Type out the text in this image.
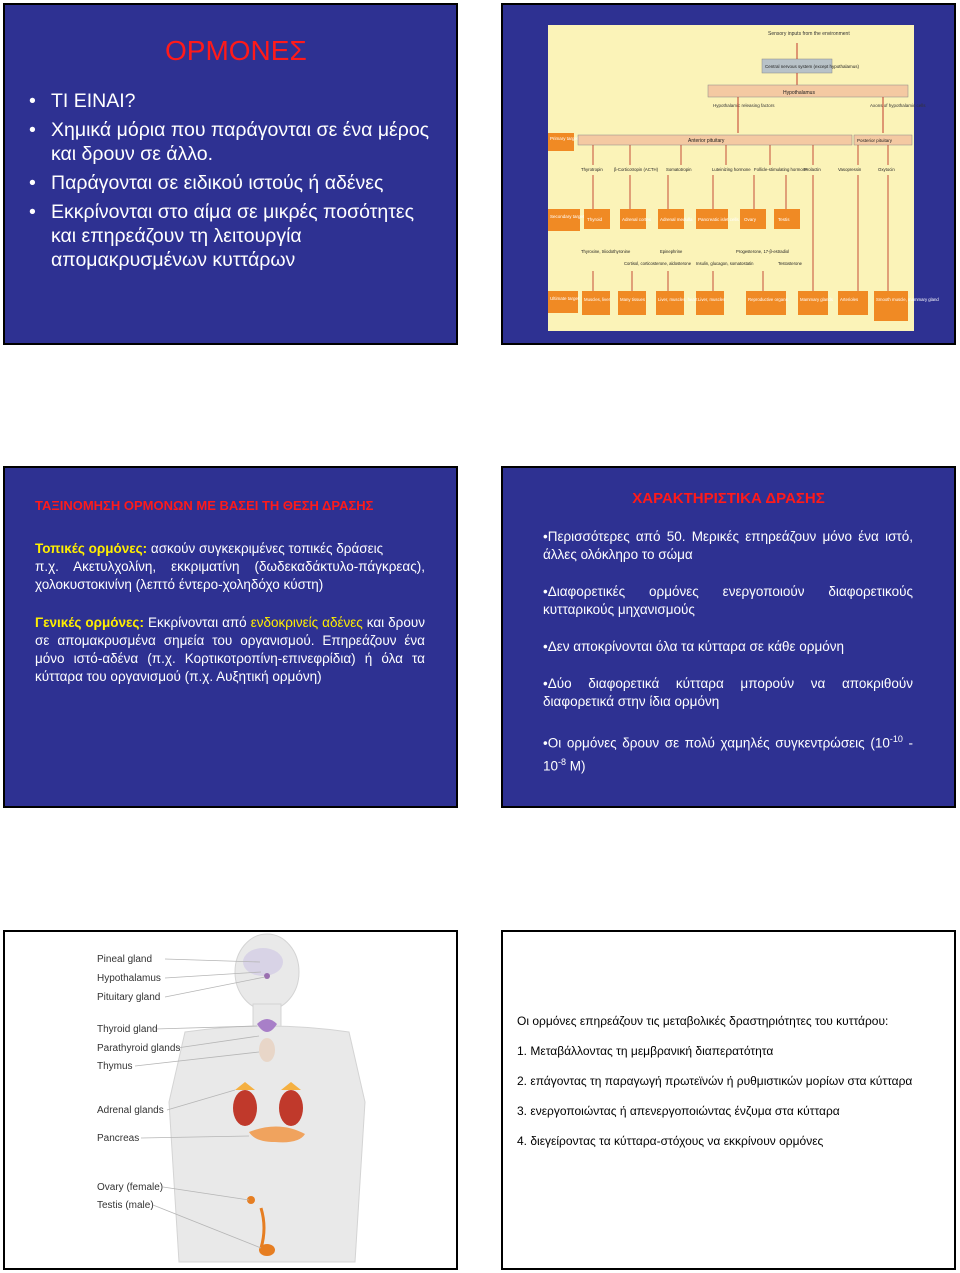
ΟΡΜΟΝΕΣ
• ΤΙ ΕΙΝΑΙ?
• Χημικά μόρια που παράγονται σε ένα μέρος και δρουν σε άλλο.
• Παράγονται σε ειδικού ιστούς ή αδένες
• Εκκρίνονται στο αίμα σε μικρές ποσότητες και επηρεάζουν τη λειτουργία απομακρυσμένων κυττάρων
Sensory inputs from the environment
Central nervous system (except hypothalamus)
Hypothalamus
Hypothalamic releasing factors	Axons of hypothalamic cells
Primary target	Anterior pituitary	Posterior pituitary
Thyrotropin	β-Corticotropin (ACTH) Somatotropin	Luteinizing hormone Follicle-stimulating hormone
Prolactin	Vasopressin	Oxytocin
Secondary target
Thyroid	Adrenal cortex Adrenal medulla Pancreatic islet cells Ovary	Testis
Thyroxine, triiodothyronine
Cortisol, corticosterone, aldosterone
Epinephrine
Insulin, glucagon, somatostatin
Progesterone, 17-β-estradiol
Testosterone
Ultimate target Muscles, liver Many tissues	Liver, muscles, heart Liver, muscles	Reproductive organs	Mammary glands Arterioles	Smooth muscle, mammary gland
ΤΑΞΙΝΟΜΗΣΗ ΟΡΜΟΝΩΝ ΜΕ ΒΑΣΕΙ ΤΗ ΘΕΣΗ ΔΡΑΣΗΣ

Τοπικές ορμόνες: ασκούν συγκεκριμένες τοπικές δράσεις

π.χ. Ακετυλχολίνη, εκκριματίνη (δωδεκαδάκτυλο-πάγκρεας), χολοκυστοκινίνη (λεπτό έντερο-χοληδόχο κύστη)

Γενικές ορμόνες: Εκκρίνονται από ενδοκρινείς αδένες και δρουν σε απομακρυσμένα σημεία του οργανισμού. Επηρεάζουν ένα μόνο ιστό-αδένα (π.χ. Κορτικοτροπίνη-επινεφρίδια) ή όλα τα κύτταρα του οργανισμού (π.χ. Αυξητική ορμόνη)

ΧΑΡΑΚΤΗΡΙΣΤΙΚΑ ΔΡΑΣΗΣ
•Περισσότερες από 50. Μερικές επηρεάζουν μόνο ένα ιστό, άλλες ολόκληρο το σώμα
•Διαφορετικές ορμόνες ενεργοποιούν διαφορετικούς κυτταρικούς μηχανισμούς
•Δεν αποκρίνονται όλα τα κύτταρα σε κάθε ορμόνη
•Δύο διαφορετικά κύτταρα μπορούν να αποκριθούν διαφορετικά στην ίδια ορμόνη
•Οι ορμόνες δρουν σε πολύ χαμηλές συγκεντρώσεις ($10^{-10} - 10^{-8}$ M)
Pineal gland
Hypothalamus
Pituitary gland
Thyroid gland
Parathyroid glands
Thymus
Adrenal glands
Pancreas
Ovary (female)
Testis (male)
Οι ορμόνες επηρεάζουν τις μεταβολικές δραστηριότητες του κυττάρου:
1. Μεταβάλλοντας τη μεμβρανική διαπερατότητα
2. επάγοντας τη παραγωγή πρωτεϊνών ή ρυθμιστικών μορίων στα κύτταρα
3. ενεργοποιώντας ή απενεργοποιώντας ένζυμα στα κύτταρα
4. διεγείροντας τα κύτταρα-στόχους να εκκρίνουν ορμόνες
